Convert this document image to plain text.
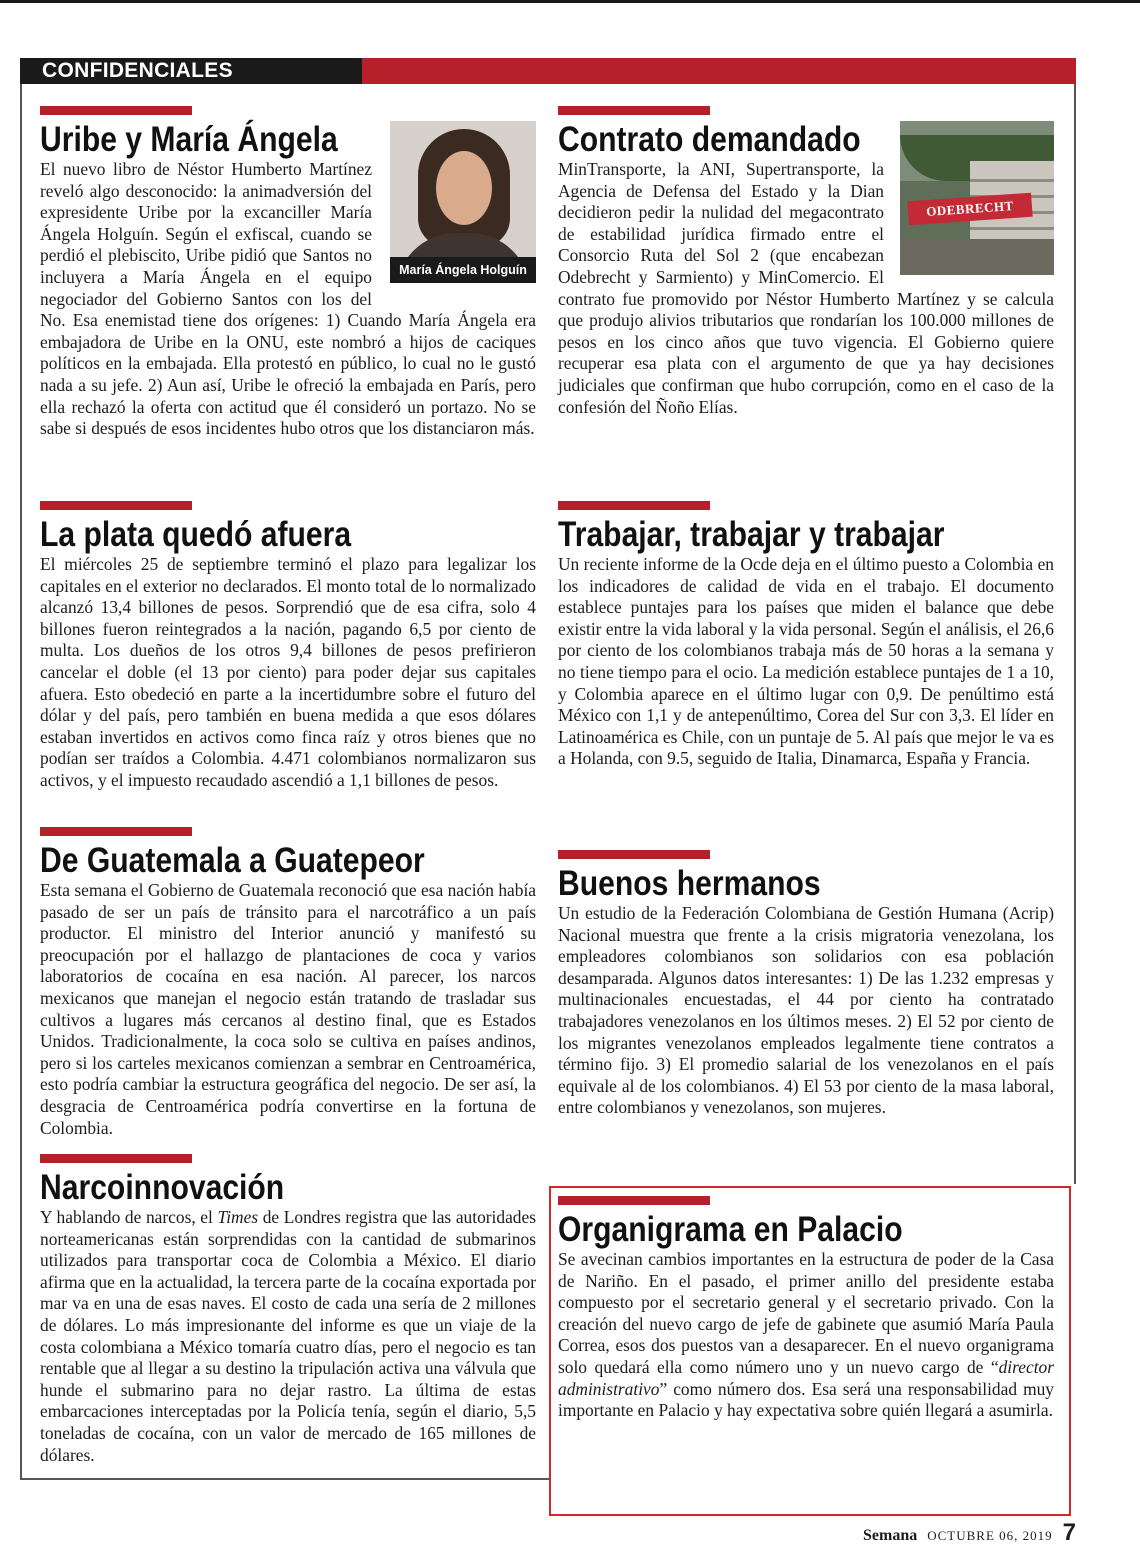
CONFIDENCIALES
Uribe y María Ángela
María Ángela Holguín

El nuevo libro de Néstor Humberto Martínez reveló algo desconocido: la animadversión del expresidente Uribe por la excanciller María Ángela Holguín. Según el exfiscal, cuando se perdió el plebiscito, Uribe pidió que Santos no incluyera a María Ángela en el equipo negociador del Gobierno Santos con los del No. Esa enemistad tiene dos orígenes: 1) Cuando María Ángela era embajadora de Uribe en la ONU, este nombró a hijos de caciques políticos en la embajada. Ella protestó en público, lo cual no le gustó nada a su jefe. 2) Aun así, Uribe le ofreció la embajada en París, pero ella rechazó la oferta con actitud que él consideró un portazo. No se sabe si después de esos incidentes hubo otros que los distanciaron más.

Contrato demandado
ODEBRECHT

MinTransporte, la ANI, Supertransporte, la Agencia de Defensa del Estado y la Dian decidieron pedir la nulidad del megacontrato de estabilidad jurídica firmado entre el Consorcio Ruta del Sol 2 (que encabezan Odebrecht y Sarmiento) y MinComercio. El contrato fue promovido por Néstor Humberto Martínez y se calcula que produjo alivios tributarios que rondarían los 100.000 millones de pesos en los cinco años que tuvo vigencia. El Gobierno quiere recuperar esa plata con el argumento de que ya hay decisiones judiciales que confirman que hubo corrupción, como en el caso de la confesión del Ñoño Elías.

La plata quedó afuera

El miércoles 25 de septiembre terminó el plazo para legalizar los capitales en el exterior no declarados. El monto total de lo normalizado alcanzó 13,4 billones de pesos. Sorprendió que de esa cifra, solo 4 billones fueron reintegrados a la nación, pagando 6,5 por ciento de multa. Los dueños de los otros 9,4 billones de pesos prefirieron cancelar el doble (el 13 por ciento) para poder dejar sus capitales afuera. Esto obedeció en parte a la incertidumbre sobre el futuro del dólar y del país, pero también en buena medida a que esos dólares estaban invertidos en activos como finca raíz y otros bienes que no podían ser traídos a Colombia. 4.471 colombianos normalizaron sus activos, y el impuesto recaudado ascendió a 1,1 billones de pesos.

Trabajar, trabajar y trabajar

Un reciente informe de la Ocde deja en el último puesto a Colombia en los indicadores de calidad de vida en el trabajo. El documento establece puntajes para los países que miden el balance que debe existir entre la vida laboral y la vida personal. Según el análisis, el 26,6 por ciento de los colombianos trabaja más de 50 horas a la semana y no tiene tiempo para el ocio. La medición establece puntajes de 1 a 10, y Colombia aparece en el último lugar con 0,9. De penúltimo está México con 1,1 y de antepenúltimo, Corea del Sur con 3,3. El líder en Latinoamérica es Chile, con un puntaje de 5. Al país que mejor le va es a Holanda, con 9.5, seguido de Italia, Dinamarca, España y Francia.

De Guatemala a Guatepeor

Esta semana el Gobierno de Guatemala reconoció que esa nación había pasado de ser un país de tránsito para el narcotráfico a un país productor. El ministro del Interior anunció y manifestó su preocupación por el hallazgo de plantaciones de coca y varios laboratorios de cocaína en esa nación. Al parecer, los narcos mexicanos que manejan el negocio están tratando de trasladar sus cultivos a lugares más cercanos al destino final, que es Estados Unidos. Tradicionalmente, la coca solo se cultiva en países andinos, pero si los carteles mexicanos comienzan a sembrar en Centroamérica, esto podría cambiar la estructura geográfica del negocio. De ser así, la desgracia de Centroamérica podría convertirse en la fortuna de Colombia.

Buenos hermanos

Un estudio de la Federación Colombiana de Gestión Humana (Acrip) Nacional muestra que frente a la crisis migratoria venezolana, los empleadores colombianos son solidarios con esa población desamparada. Algunos datos interesantes: 1) De las 1.232 empresas y multinacionales encuestadas, el 44 por ciento ha contratado trabajadores venezolanos en los últimos meses. 2) El 52 por ciento de los migrantes venezolanos empleados legalmente tiene contratos a término fijo. 3) El promedio salarial de los venezolanos en el país equivale al de los colombianos. 4) El 53 por ciento de la masa laboral, entre colombianos y venezolanos, son mujeres.

Narcoinnovación

Y hablando de narcos, el Times de Londres registra que las autoridades norteamericanas están sorprendidas con la cantidad de submarinos utilizados para transportar coca de Colombia a México. El diario afirma que en la actualidad, la tercera parte de la cocaína exportada por mar va en una de esas naves. El costo de cada una sería de 2 millones de dólares. Lo más impresionante del informe es que un viaje de la costa colombiana a México tomaría cuatro días, pero el negocio es tan rentable que al llegar a su destino la tripulación activa una válvula que hunde el submarino para no dejar rastro. La última de estas embarcaciones interceptadas por la Policía tenía, según el diario, 5,5 toneladas de cocaína, con un valor de mercado de 165 millones de dólares.

Organigrama en Palacio

Se avecinan cambios importantes en la estructura de poder de la Casa de Nariño. En el pasado, el primer anillo del presidente estaba compuesto por el secretario general y el secretario privado. Con la creación del nuevo cargo de jefe de gabinete que asumió María Paula Correa, esos dos puestos van a desaparecer. En el nuevo organigrama solo quedará ella como número uno y un nuevo cargo de “director administrativo” como número dos. Esa será una responsabilidad muy importante en Palacio y hay expectativa sobre quién llegará a asumirla.

Semana OCTUBRE 06, 2019 7
